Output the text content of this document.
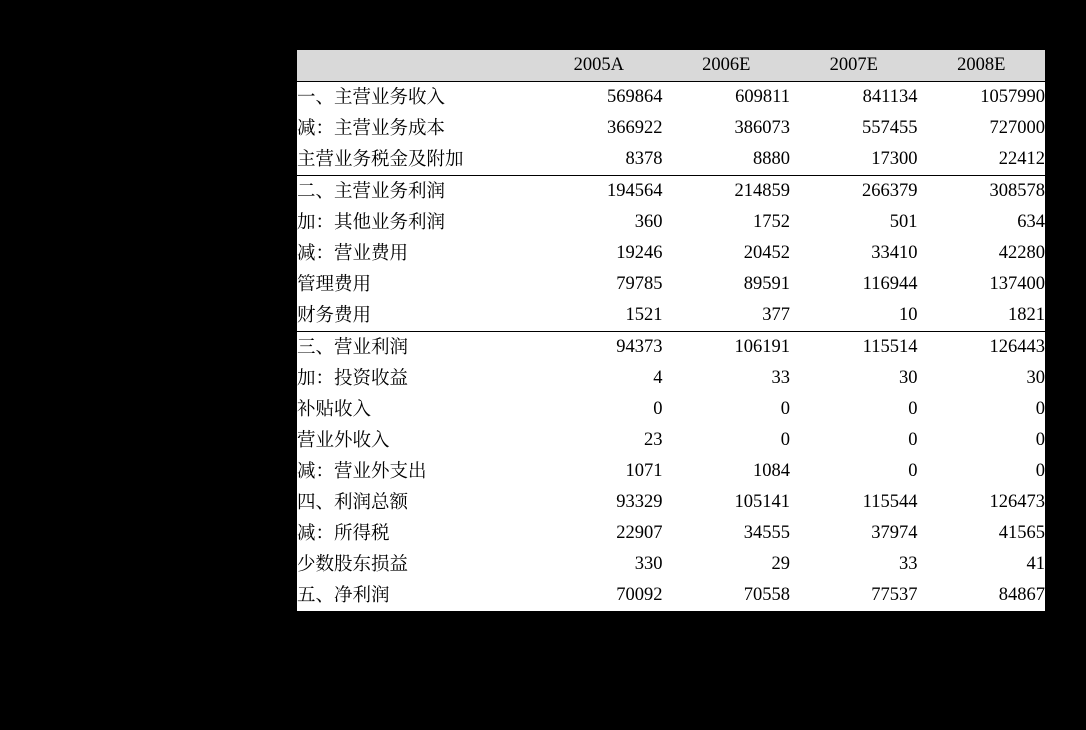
	2005A	2006E	2007E	2008E
一、主营业务收入	569864	609811	841134	1057990
减：主营业务成本	366922	386073	557455	727000
主营业务税金及附加	8378	8880	17300	22412
二、主营业务利润	194564	214859	266379	308578
加：其他业务利润	360	1752	501	634
减：营业费用	19246	20452	33410	42280
管理费用	79785	89591	116944	137400
财务费用	1521	377	10	1821
三、营业利润	94373	106191	115514	126443
加：投资收益	4	33	30	30
补贴收入	0	0	0	0
营业外收入	23	0	0	0
减：营业外支出	1071	1084	0	0
四、利润总额	93329	105141	115544	126473
减：所得税	22907	34555	37974	41565
少数股东损益	330	29	33	41
五、净利润	70092	70558	77537	84867
